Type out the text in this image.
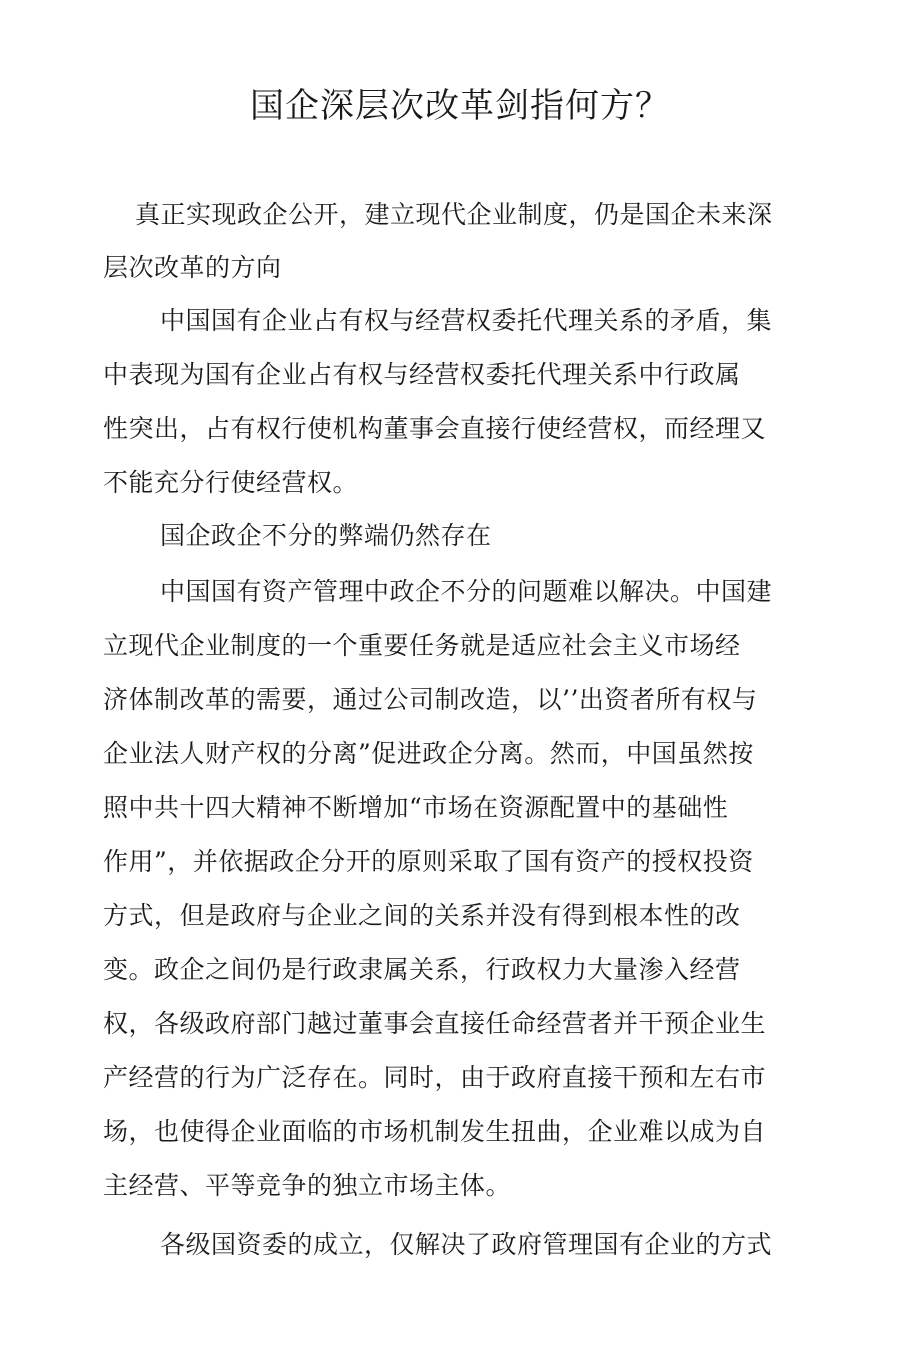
国企深层次改革剑指何方？
真正实现政企公开，建立现代企业制度，仍是国企未来深
层次改革的方向
中国国有企业占有权与经营权委托代理关系的矛盾，集
中表现为国有企业占有权与经营权委托代理关系中行政属
性突出，占有权行使机构董事会直接行使经营权，而经理又
不能充分行使经营权。
国企政企不分的弊端仍然存在
中国国有资产管理中政企不分的问题难以解决。中国建
立现代企业制度的一个重要任务就是适应社会主义市场经
济体制改革的需要，通过公司制改造，以’’出资者所有权与
企业法人财产权的分离”促进政企分离。然而，中国虽然按
照中共十四大精神不断增加“市场在资源配置中的基础性
作用”，并依据政企分开的原则采取了国有资产的授权投资
方式，但是政府与企业之间的关系并没有得到根本性的改
变。政企之间仍是行政隶属关系，行政权力大量渗入经营
权，各级政府部门越过董事会直接任命经营者并干预企业生
产经营的行为广泛存在。同时，由于政府直接干预和左右市
场，也使得企业面临的市场机制发生扭曲，企业难以成为自
主经营、平等竞争的独立市场主体。
各级国资委的成立，仅解决了政府管理国有企业的方式
